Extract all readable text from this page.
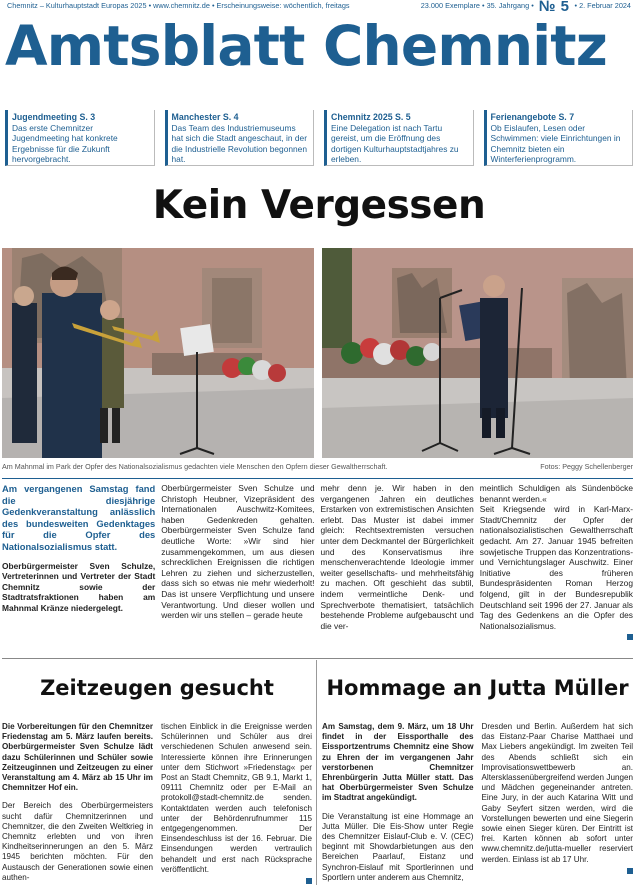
Chemnitz – Kulturhauptstadt Europas 2025 • www.chemnitz.de • Erscheinungsweise: wöchentlich, freitags	23.000 Exemplare • 35. Jahrgang • № 5 • 2. Februar 2024
Amtsblatt Chemnitz
Jugendmeeting S. 3
Das erste Chemnitzer Jugendmeeting hat konkrete Ergebnisse für die Zukunft hervorgebracht.
Manchester S. 4
Das Team des Industriemuseums hat sich die Stadt angeschaut, in der die Industrielle Revolution begonnen hat.
Chemnitz 2025 S. 5
Eine Delegation ist nach Tartu gereist, um die Eröffnung des dortigen Kulturhauptstadtjahres zu erleben.
Ferienangebote S. 7
Ob Eislaufen, Lesen oder Schwimmen: viele Einrichtungen in Chemnitz bieten ein Winterferienprogramm.
Kein Vergessen
Am Mahnmal im Park der Opfer des Nationalsozialismus gedachten viele Menschen den Opfern dieser Gewaltherrschaft.	Fotos: Peggy Schellenberger
Am vergangenen Samstag fand die diesjährige Gedenkveranstaltung anlässlich des bundesweiten Gedenktages für die Opfer des Nationalsozialismus statt.
Oberbürgermeister Sven Schulze, Vertreterinnen und Vertreter der Stadt Chemnitz sowie der Stadtratsfraktionen haben am Mahnmal Kränze niedergelegt.
Oberbürgermeister Sven Schulze und Christoph Heubner, Vizepräsident des Internationalen Auschwitz-Komitees, haben Gedenkreden gehalten. Oberbürgermeister Sven Schulze fand deutliche Worte: »Wir sind hier zusammengekommen, um aus diesen schrecklichen Ereignissen die richtigen Lehren zu ziehen und sicherzustellen, dass sich so etwas nie mehr wiederholt! Das ist unsere Verpflichtung und unsere Verantwortung. Und dieser wollen und werden wir uns stellen – gerade heute
mehr denn je. Wir haben in den vergangenen Jahren ein deutliches Erstarken von extremistischen Ansichten erlebt. Das Muster ist dabei immer gleich: Rechtsextremisten versuchen unter dem Deckmantel der Bürgerlichkeit und des Konservatismus ihre menschenverachtende Ideologie immer weiter gesellschafts- und mehrheitsfähig zu machen. Oft geschieht das subtil, indem vermeintliche Denk- und Sprechverbote thematisiert, tatsächlich bestehende Probleme aufgebauscht und die ver-
meintlich Schuldigen als Sündenböcke benannt werden.«
Seit Kriegsende wird in Karl-Marx-Stadt/Chemnitz der Opfer der nationalsozialistischen Gewaltherrschaft gedacht. Am 27. Januar 1945 befreiten sowjetische Truppen das Konzentrations- und Vernichtungslager Auschwitz. Einer Initiative des früheren Bundespräsidenten Roman Herzog folgend, gilt in der Bundesrepublik Deutschland seit 1996 der 27. Januar als Tag des Gedenkens an die Opfer des Nationalsozialismus.
Zeitzeugen gesucht	Hommage an Jutta Müller
Die Vorbereitungen für den Chemnitzer Friedenstag am 5. März laufen bereits. Oberbürgermeister Sven Schulze lädt dazu Schülerinnen und Schüler sowie Zeitzeuginnen und Zeitzeugen zu einer Veranstaltung am 4. März ab 15 Uhr im Chemnitzer Hof ein.
Der Bereich des Oberbürgermeisters sucht dafür Chemnitzerinnen und Chemnitzer, die den Zweiten Weltkrieg in Chemnitz erlebten und von ihren Kindheitserinnerungen an den 5. März 1945 berichten möchten. Für den Austausch der Generationen sowie einen authen-
tischen Einblick in die Ereignisse werden Schülerinnen und Schüler aus drei verschiedenen Schulen anwesend sein. Interessierte können ihre Erinnerungen unter dem Stichwort »Friedenstag« per Post an Stadt Chemnitz, GB 9.1, Markt 1, 09111 Chemnitz oder per E-Mail an protokoll@stadt-chemnitz.de senden. Kontaktdaten werden auch telefonisch unter der Behördenrufnummer 115 entgegengenommen. Der Einsendeschluss ist der 16. Februar. Die Einsendungen werden vertraulich behandelt und erst nach Rücksprache veröffentlicht.
Am Samstag, dem 9. März, um 18 Uhr findet in der Eissporthalle des Eissportzentrums Chemnitz eine Show zu Ehren der im vergangenen Jahr verstorbenen Chemnitzer Ehrenbürgerin Jutta Müller statt. Das hat Oberbürgermeister Sven Schulze im Stadtrat angekündigt.
Die Veranstaltung ist eine Hommage an Jutta Müller. Die Eis-Show unter Regie des Chemnitzer Eislauf-Club e. V. (CEC) beginnt mit Showdarbietungen aus den Bereichen Paarlauf, Eistanz und Synchron-Eislauf mit Sportlerinnen und Sportlern unter anderem aus Chemnitz,
Dresden und Berlin. Außerdem hat sich das Eistanz-Paar Charise Matthaei und Max Liebers angekündigt. Im zweiten Teil des Abends schließt sich ein Improvisationswettbewerb an. Altersklassenübergreifend werden Jungen und Mädchen gegeneinander antreten. Eine Jury, in der auch Katarina Witt und Gaby Seyfert sitzen werden, wird die Vorstellungen bewerten und eine Siegerin sowie einen Sieger küren. Der Eintritt ist frei. Karten können ab sofort unter www.chemnitz.de/jutta-mueller reserviert werden. Einlass ist ab 17 Uhr.
